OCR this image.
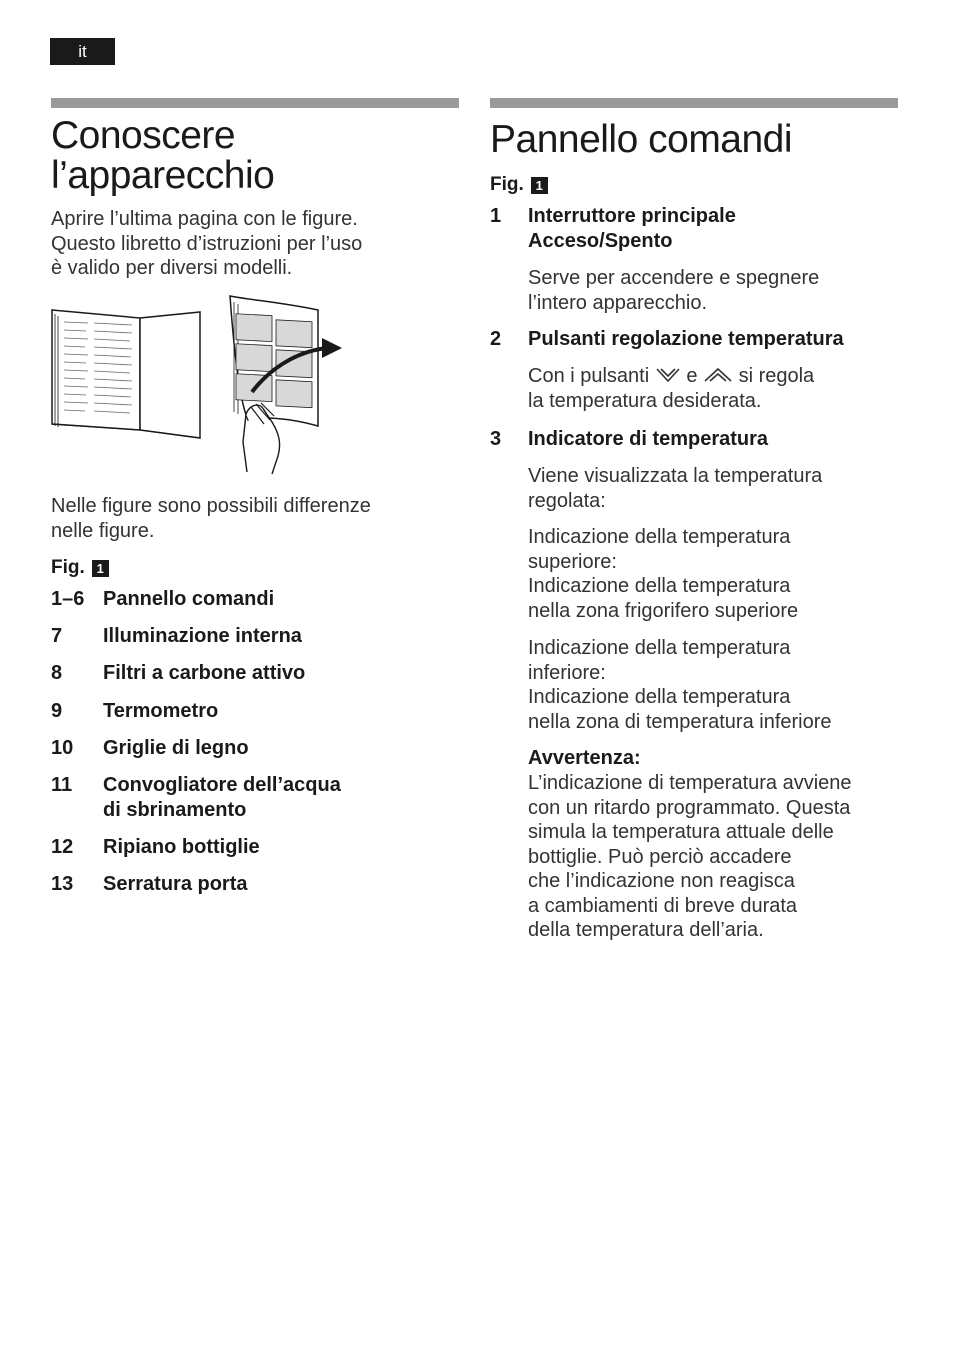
it
Conoscere
l’apparecchio

Aprire l’ultima pagina con le figure.
Questo libretto d’istruzioni per l’uso
è valido per diversi modelli.

Nelle figure sono possibili differenze
nelle figure.

Fig. 1
1–6 Pannello comandi
7	Illuminazione interna
8	Filtri a carbone attivo
9	Termometro
10	Griglie di legno
11	Convogliatore dell’acqua
di sbrinamento
12	Ripiano bottiglie
13	Serratura porta
Pannello comandi
Fig. 1
1 Interruttore principale
Acceso/Spento

Serve per accendere e spegnere
l’intero apparecchio.

2 Pulsanti regolazione temperatura

Con i pulsanti e si regola
la temperatura desiderata.

3 Indicatore di temperatura

Viene visualizzata la temperatura
regolata:

Indicazione della temperatura
superiore:
Indicazione della temperatura
nella zona frigorifero superiore

Indicazione della temperatura
inferiore:
Indicazione della temperatura
nella zona di temperatura inferiore

Avvertenza:

L’indicazione di temperatura avviene
con un ritardo programmato. Questa
simula la temperatura attuale delle
bottiglie. Può perciò accadere
che l’indicazione non reagisca
a cambiamenti di breve durata
della temperatura dell’aria.
